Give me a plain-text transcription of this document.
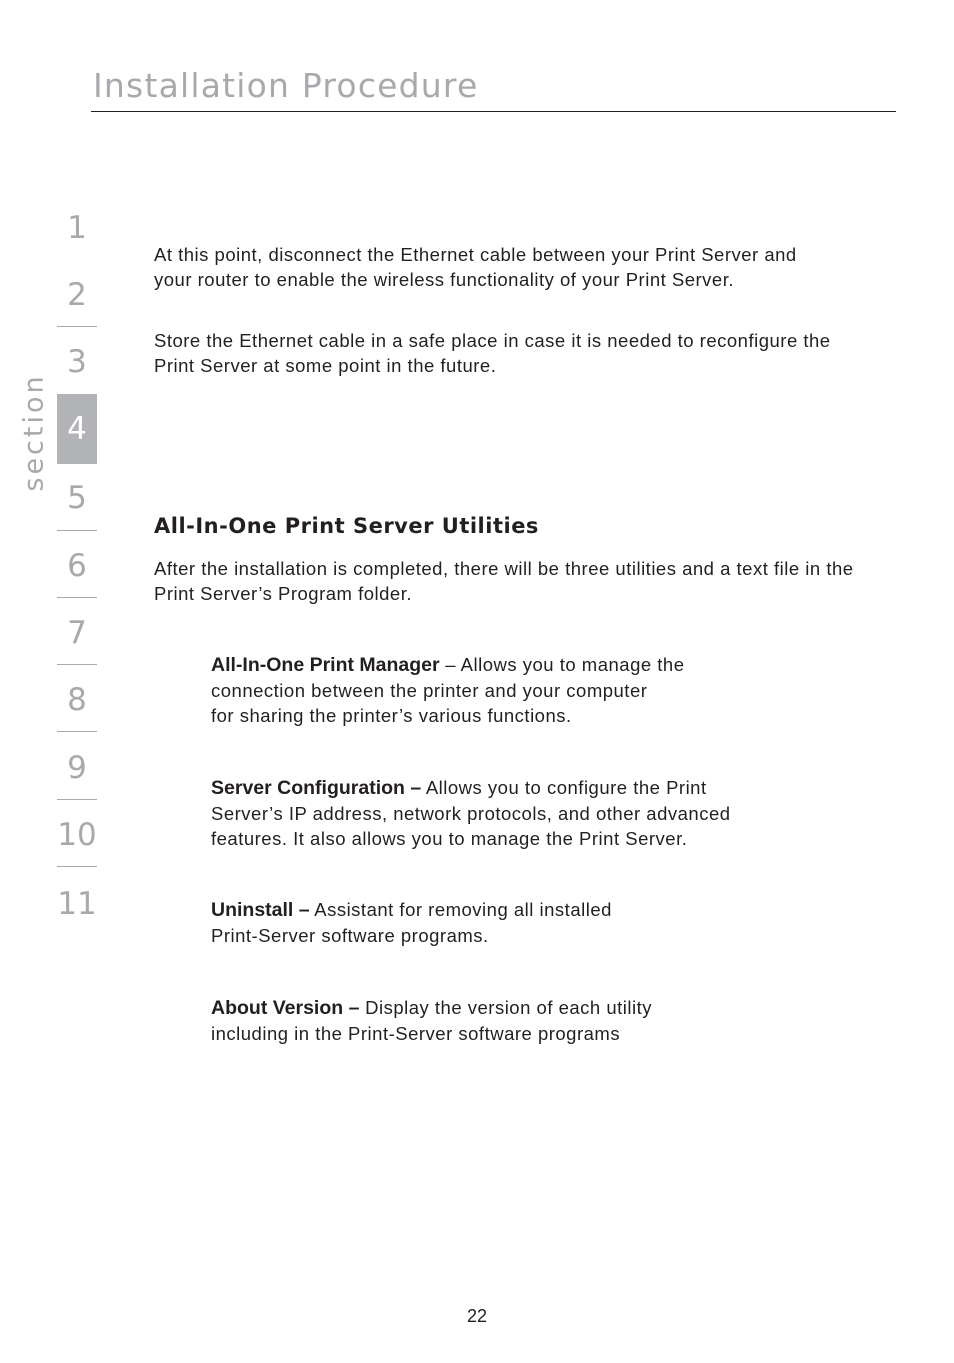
Installation Procedure
section
1
2
3
4
5
6
7
8
9
10
11

At this point, disconnect the Ethernet cable between your Print Server and your router to enable the wireless functionality of your Print Server.

Store the Ethernet cable in a safe place in case it is needed to reconfigure the Print Server at some point in the future.

All-In-One Print Server Utilities

After the installation is completed, there will be three utilities and a text file in the Print Server’s Program folder.

All-In-One Print Manager – Allows you to manage the
connection between the printer and your computer
for sharing the printer’s various functions.

Server Configuration – Allows you to configure the Print
Server’s IP address, network protocols, and other advanced
features. It also allows you to manage the Print Server.

Uninstall – Assistant for removing all installed
Print-Server software programs.

About Version – Display the version of each utility
including in the Print-Server software programs

22
